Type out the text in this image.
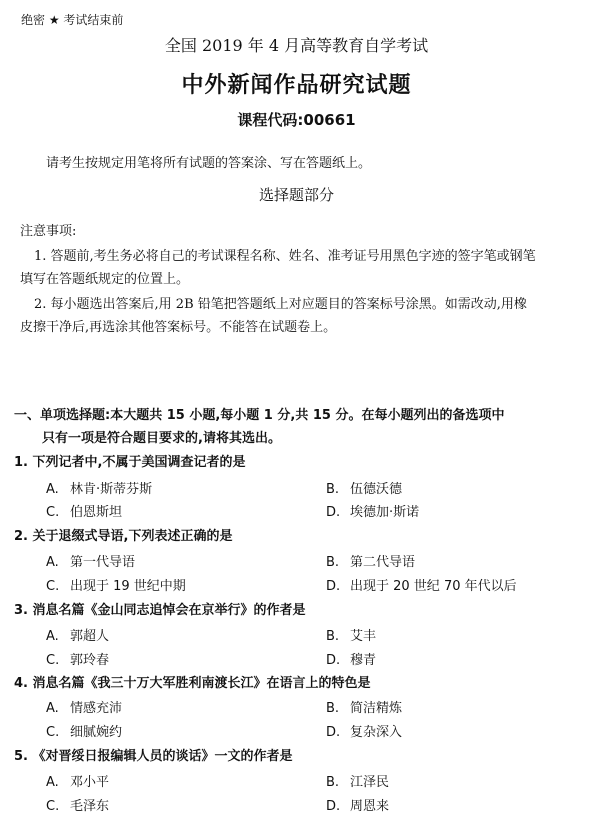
绝密 ★ 考试结束前
全国 2019 年 4 月高等教育自学考试
中外新闻作品研究试题
课程代码:00661
请考生按规定用笔将所有试题的答案涂、写在答题纸上。
选择题部分
注意事项:
1. 答题前,考生务必将自己的考试课程名称、姓名、准考证号用黑色字迹的签字笔或钢笔
填写在答题纸规定的位置上。
2. 每小题选出答案后,用 2B 铅笔把答题纸上对应题目的答案标号涂黑。如需改动,用橡
皮擦干净后,再选涂其他答案标号。不能答在试题卷上。
一、单项选择题:本大题共 15 小题,每小题 1 分,共 15 分。在每小题列出的备选项中
只有一项是符合题目要求的,请将其选出。
1. 下列记者中,不属于美国调查记者的是
A. 林肯·斯蒂芬斯	B. 伍德沃德
C. 伯恩斯坦	D. 埃德加·斯诺
2. 关于退缀式导语,下列表述正确的是
A. 第一代导语	B. 第二代导语
C. 出现于 19 世纪中期	D. 出现于 20 世纪 70 年代以后
3. 消息名篇《金山同志追悼会在京举行》的作者是
A. 郭超人	B. 艾丰
C. 郭玲春	D. 穆青
4. 消息名篇《我三十万大军胜利南渡长江》在语言上的特色是
A. 情感充沛	B. 简洁精炼
C. 细腻婉约	D. 复杂深入
5. 《对晋绥日报编辑人员的谈话》一文的作者是
A. 邓小平	B. 江泽民
C. 毛泽东	D. 周恩来
